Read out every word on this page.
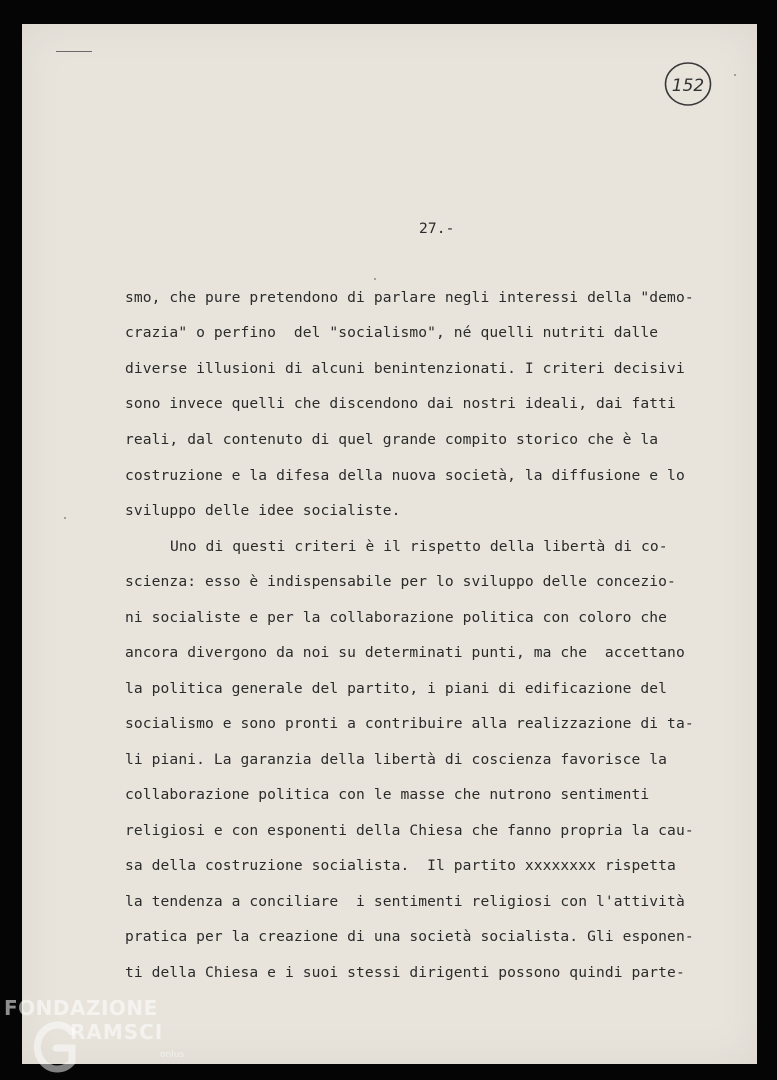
152
27.-
smo, che pure pretendono di parlare negli interessi della "demo-
crazia" o perfino  del "socialismo", né quelli nutriti dalle
diverse illusioni di alcuni benintenzionati. I criteri decisivi
sono invece quelli che discendono dai nostri ideali, dai fatti
reali, dal contenuto di quel grande compito storico che è la
costruzione e la difesa della nuova società, la diffusione e lo
sviluppo delle idee socialiste.
Uno di questi criteri è il rispetto della libertà di co-
scienza: esso è indispensabile per lo sviluppo delle concezio-
ni socialiste e per la collaborazione politica con coloro che
ancora divergono da noi su determinati punti, ma che  accettano
la politica generale del partito, i piani di edificazione del
socialismo e sono pronti a contribuire alla realizzazione di ta-
li piani. La garanzia della libertà di coscienza favorisce la
collaborazione politica con le masse che nutrono sentimenti
religiosi e con esponenti della Chiesa che fanno propria la cau-
sa della costruzione socialista.  Il partito xxxxxxxx rispetta
la tendenza a conciliare  i sentimenti religiosi con l'attività
pratica per la creazione di una società socialista. Gli esponen-
ti della Chiesa e i suoi stessi dirigenti possono quindi parte-
FONDAZIONE
RAMSCI
onlus
